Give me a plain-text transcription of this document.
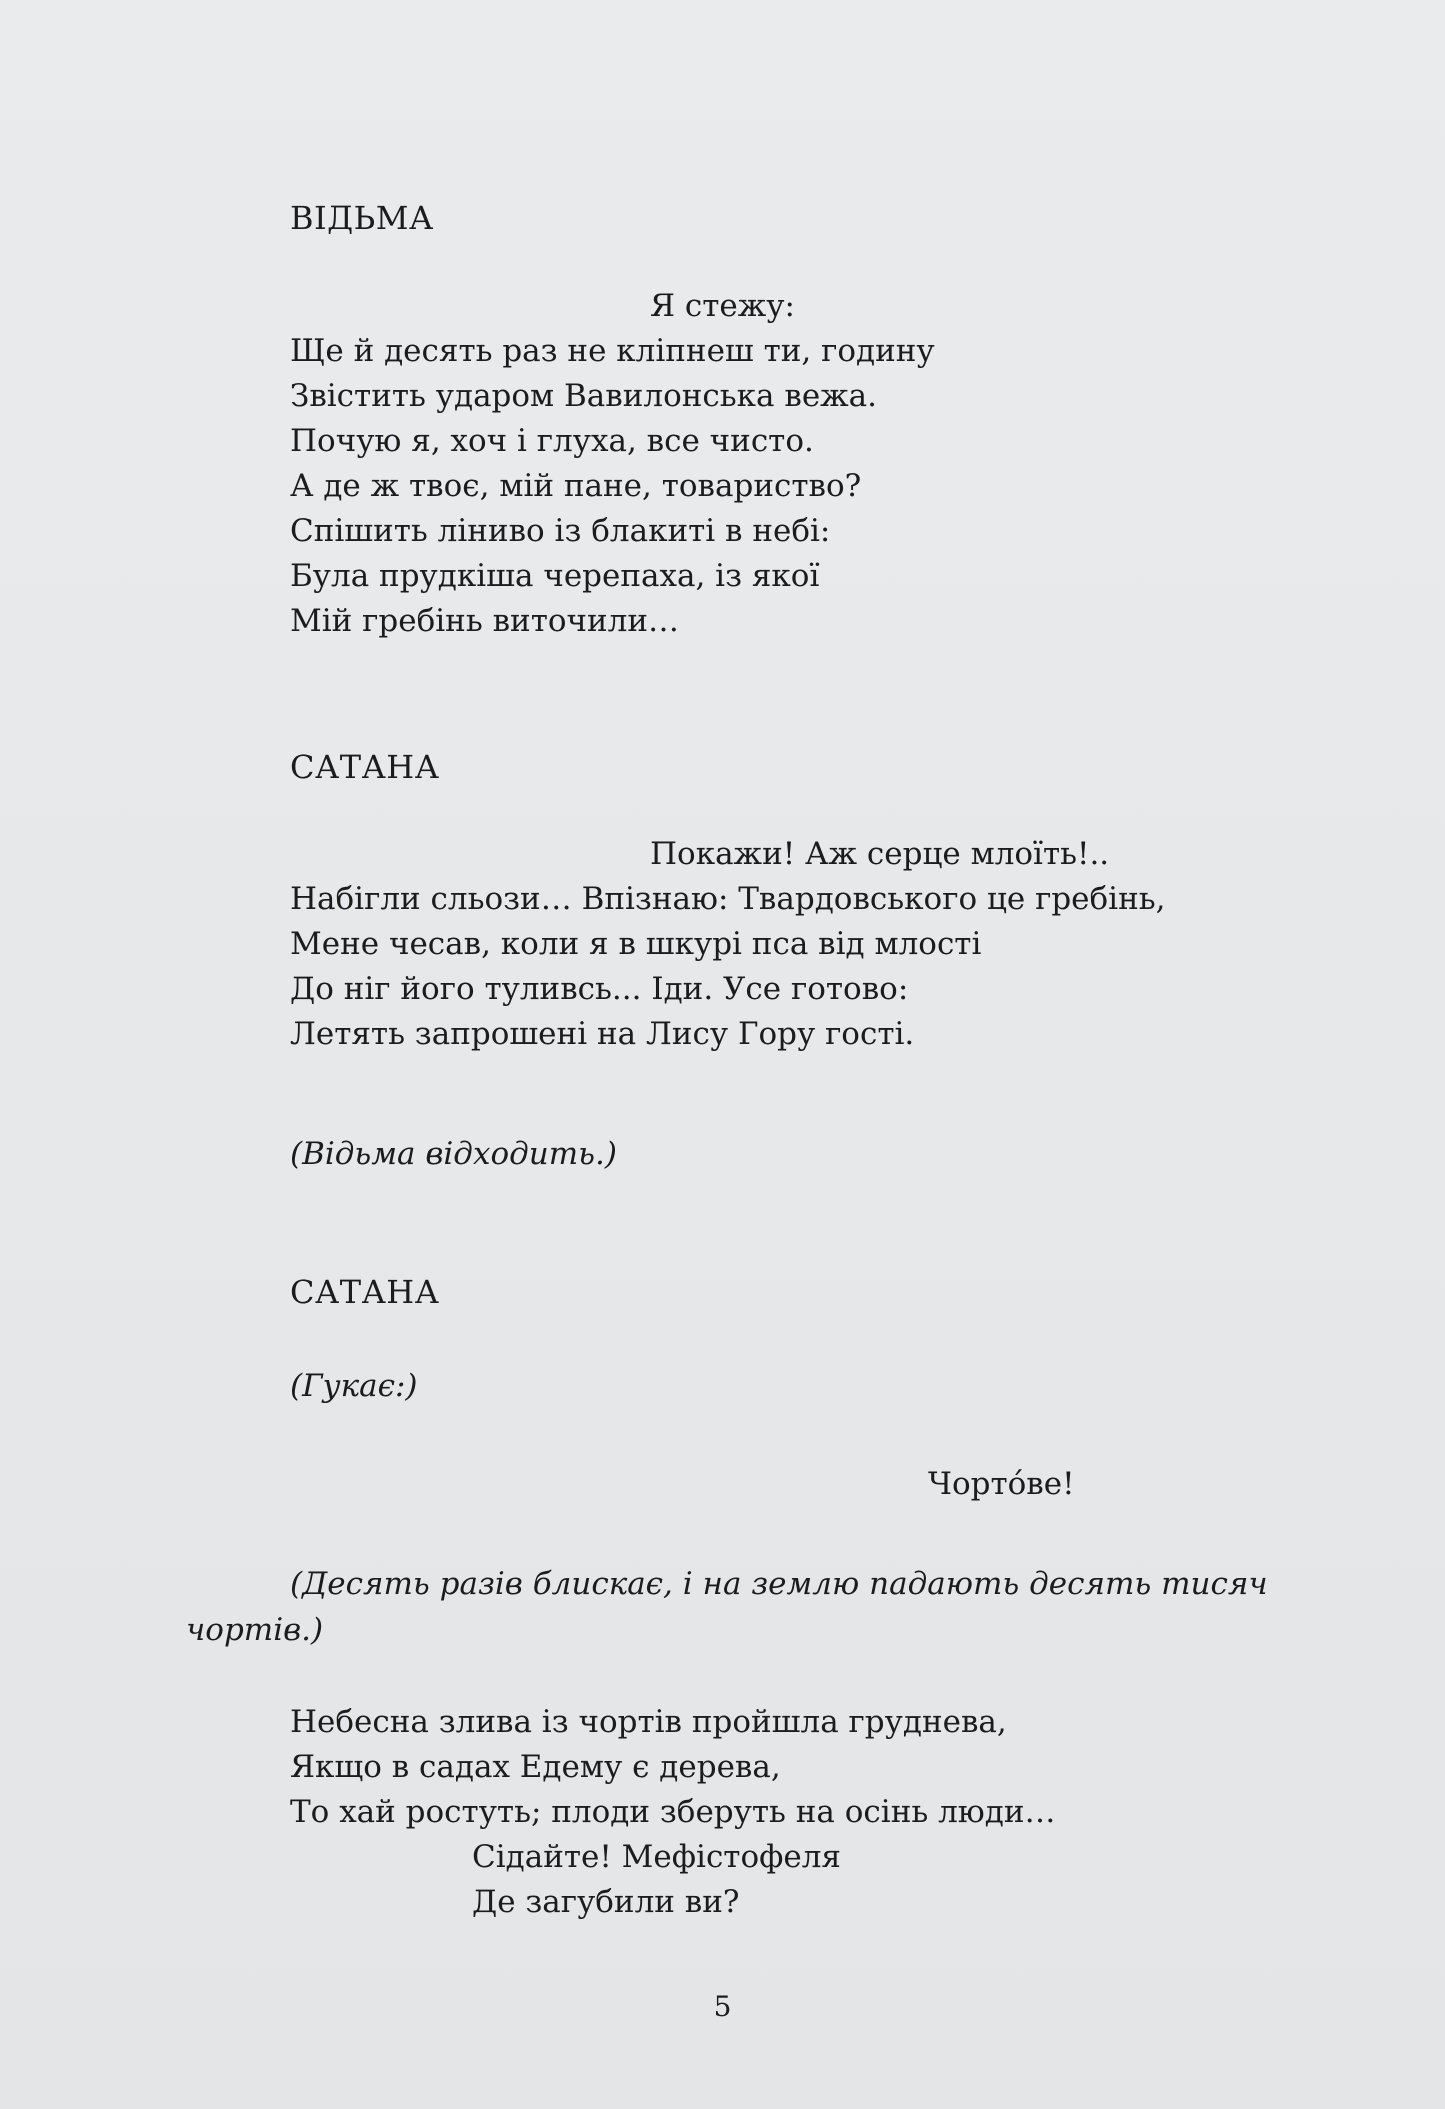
ВІДЬМА
Я стежу:
Ще й десять раз не кліпнеш ти, годину
Звістить ударом Вавилонська вежа.
Почую я, хоч і глуха, все чисто.
А де ж твоє, мій пане, товариство?
Спішить ліниво із блакиті в небі:
Була прудкіша черепаха, із якої
Мій гребінь виточили…
САТАНА
Покажи! Аж серце млоїть!..
Набігли сльози… Впізнаю: Твардовського це гребінь,
Мене чесав, коли я в шкурі пса від млості
До ніг його туливсь... Іди. Усе готово:
Летять запрошені на Лису Гору гості.
(Відьма відходить.)
САТАНА
(Гукає:)
Чортóве!
(Десять разів блискає, і на землю падають десять тисяч
чортів.)
Небесна злива із чортів пройшла груднева,
Якщо в садах Едему є дерева,
То хай ростуть; плоди зберуть на осінь люди…
Сідайте! Мефістофеля
Де загубили ви?
5
